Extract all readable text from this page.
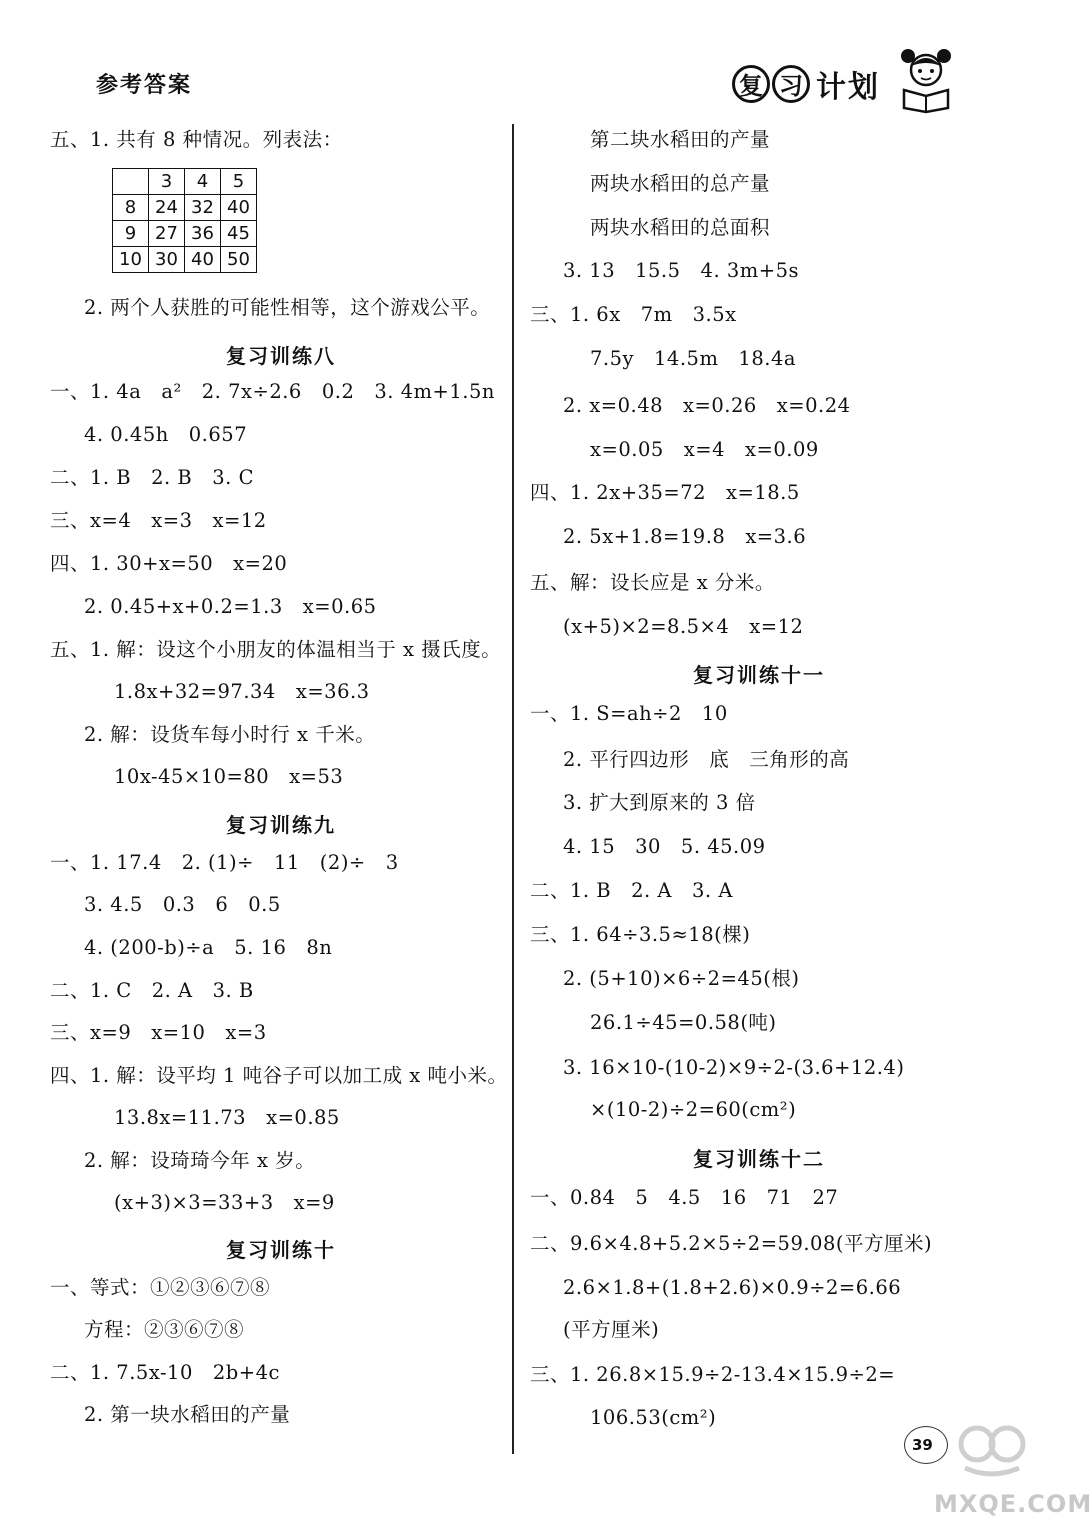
参考答案	复 习 计划
五、1. 共有 8 种情况。列表法：
	3	4	5
8	24	32	40
9	27	36	45
10	30	40	50
2. 两个人获胜的可能性相等，这个游戏公平。
复习训练八
一、1. 4a　a²　2. 7x÷2.6　0.2　3. 4m+1.5n
4. 0.45h　0.657
二、1. B　2. B　3. C
三、x=4　x=3　x=12
四、1. 30+x=50　x=20
2. 0.45+x+0.2=1.3　x=0.65
五、1. 解：设这个小朋友的体温相当于 x 摄氏度。
1.8x+32=97.34　x=36.3
2. 解：设货车每小时行 x 千米。
10x-45×10=80　x=53
复习训练九
一、1. 17.4　2. (1)÷　11　(2)÷　3
3. 4.5　0.3　6　0.5
4. (200-b)÷a　5. 16　8n
二、1. C　2. A　3. B
三、x=9　x=10　x=3
四、1. 解：设平均 1 吨谷子可以加工成 x 吨小米。
13.8x=11.73　x=0.85
2. 解：设琦琦今年 x 岁。
(x+3)×3=33+3　x=9
复习训练十
一、等式：①②③⑥⑦⑧
方程：②③⑥⑦⑧
二、1. 7.5x-10　2b+4c
2. 第一块水稻田的产量
第二块水稻田的产量
两块水稻田的总产量
两块水稻田的总面积
3. 13　15.5　4. 3m+5s
三、1. 6x　7m　3.5x
7.5y　14.5m　18.4a
2. x=0.48　x=0.26　x=0.24
x=0.05　x=4　x=0.09
四、1. 2x+35=72　x=18.5
2. 5x+1.8=19.8　x=3.6
五、解：设长应是 x 分米。
(x+5)×2=8.5×4　x=12
复习训练十一
一、1. S=ah÷2　10
2. 平行四边形　底　三角形的高
3. 扩大到原来的 3 倍
4. 15　30　5. 45.09
二、1. B　2. A　3. A
三、1. 64÷3.5≈18(棵)
2. (5+10)×6÷2=45(根)
26.1÷45=0.58(吨)
3. 16×10-(10-2)×9÷2-(3.6+12.4)
×(10-2)÷2=60(cm²)
复习训练十二
一、0.84　5　4.5　16　71　27
二、9.6×4.8+5.2×5÷2=59.08(平方厘米)
2.6×1.8+(1.8+2.6)×0.9÷2=6.66
(平方厘米)
三、1. 26.8×15.9÷2-13.4×15.9÷2=
106.53(cm²)
39
MXQE.COM
